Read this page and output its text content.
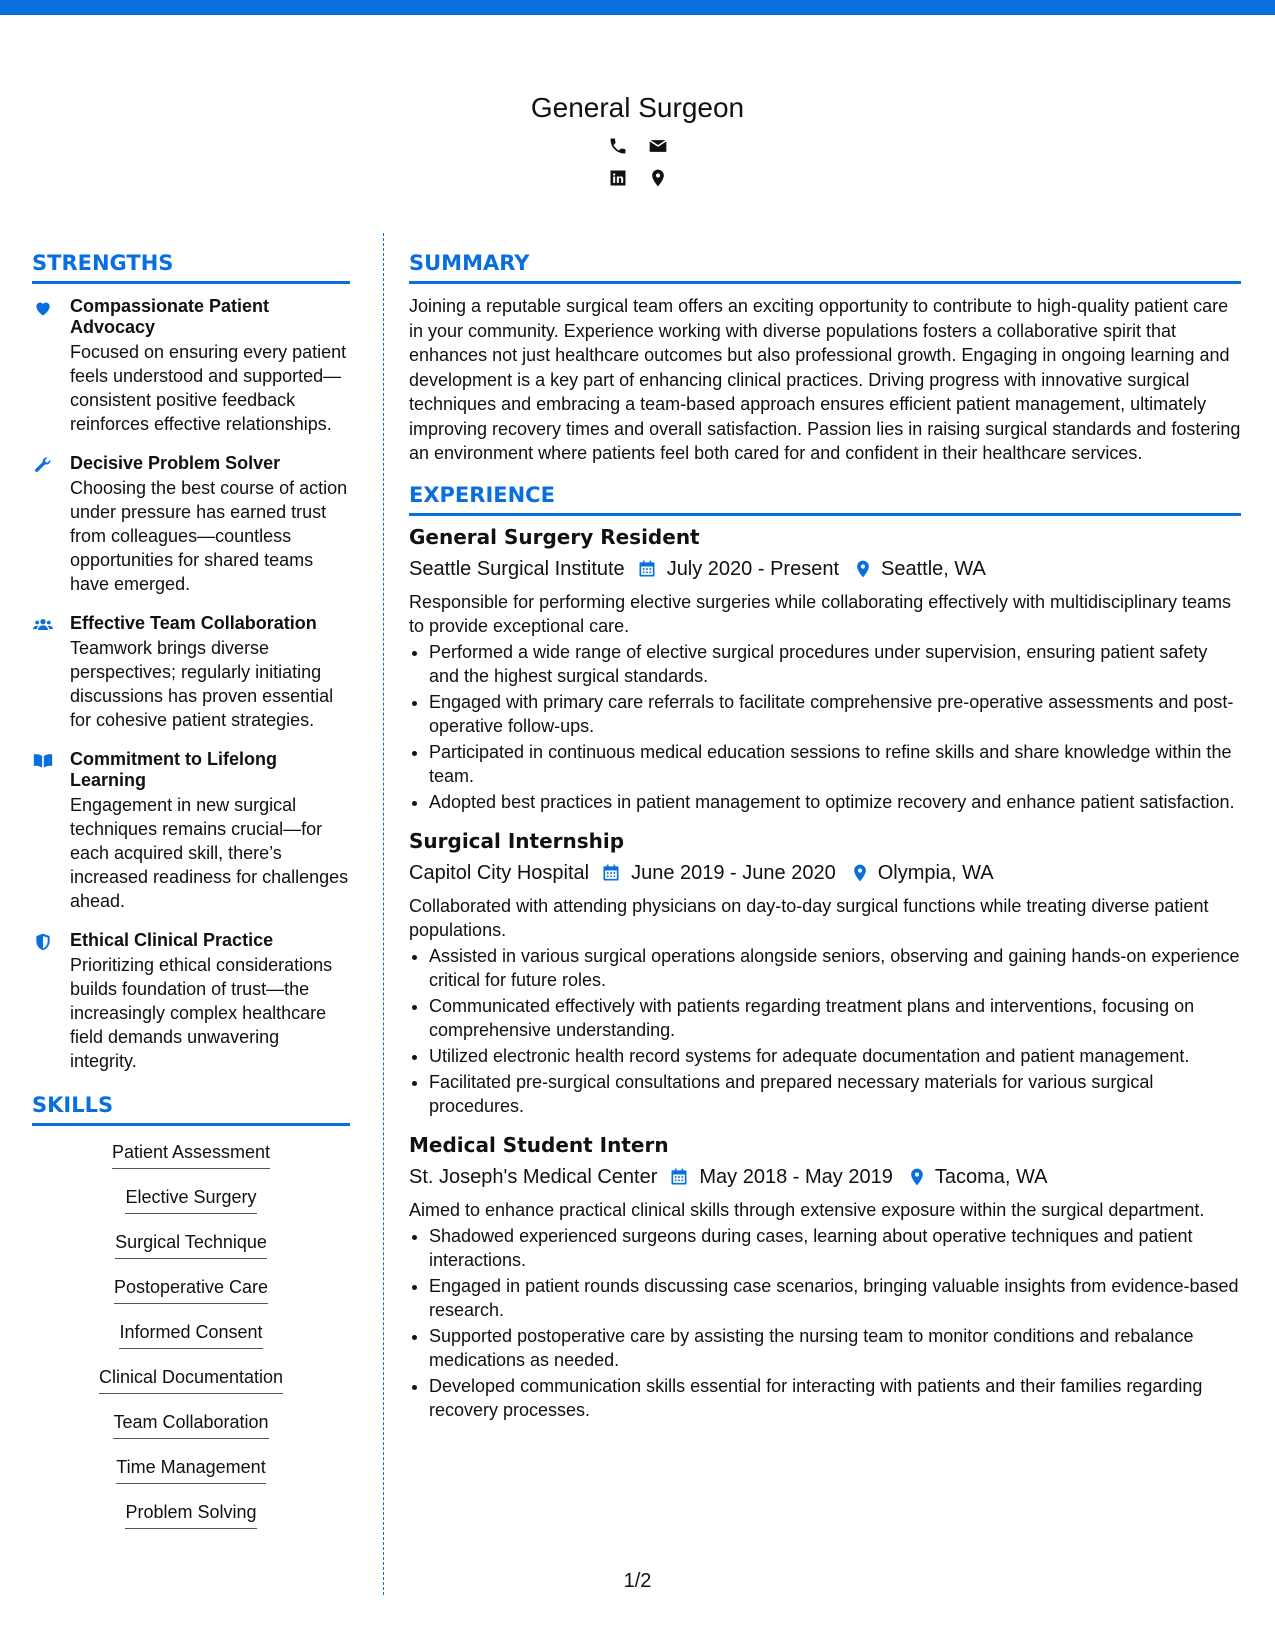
General Surgeon
STRENGTHS
Compassionate Patient Advocacy
Focused on ensuring every patient feels understood and supported—consistent positive feedback reinforces effective relationships.
Decisive Problem Solver
Choosing the best course of action under pressure has earned trust from colleagues—countless opportunities for shared teams have emerged.
Effective Team Collaboration
Teamwork brings diverse perspectives; regularly initiating discussions has proven essential for cohesive patient strategies.
Commitment to Lifelong Learning
Engagement in new surgical techniques remains crucial—for each acquired skill, there’s increased readiness for challenges ahead.
Ethical Clinical Practice
Prioritizing ethical considerations builds foundation of trust—the increasingly complex healthcare field demands unwavering integrity.
SKILLS
Patient Assessment
Elective Surgery
Surgical Technique
Postoperative Care
Informed Consent
Clinical Documentation
Team Collaboration
Time Management
Problem Solving
SUMMARY
Joining a reputable surgical team offers an exciting opportunity to contribute to high-quality patient care in your community. Experience working with diverse populations fosters a collaborative spirit that enhances not just healthcare outcomes but also professional growth. Engaging in ongoing learning and development is a key part of enhancing clinical practices. Driving progress with innovative surgical techniques and embracing a team-based approach ensures efficient patient management, ultimately improving recovery times and overall satisfaction. Passion lies in raising surgical standards and fostering an environment where patients feel both cared for and confident in their healthcare services.
EXPERIENCE
General Surgery Resident
Seattle Surgical Institute July 2020 - Present Seattle, WA
Responsible for performing elective surgeries while collaborating effectively with multidisciplinary teams to provide exceptional care.
• Performed a wide range of elective surgical procedures under supervision, ensuring patient safety and the highest surgical standards.
• Engaged with primary care referrals to facilitate comprehensive pre-operative assessments and post-operative follow-ups.
• Participated in continuous medical education sessions to refine skills and share knowledge within the team.
• Adopted best practices in patient management to optimize recovery and enhance patient satisfaction.
Surgical Internship
Capitol City Hospital June 2019 - June 2020 Olympia, WA
Collaborated with attending physicians on day-to-day surgical functions while treating diverse patient populations.
• Assisted in various surgical operations alongside seniors, observing and gaining hands-on experience critical for future roles.
• Communicated effectively with patients regarding treatment plans and interventions, focusing on comprehensive understanding.
• Utilized electronic health record systems for adequate documentation and patient management.
• Facilitated pre-surgical consultations and prepared necessary materials for various surgical procedures.
Medical Student Intern
St. Joseph's Medical Center May 2018 - May 2019 Tacoma, WA
Aimed to enhance practical clinical skills through extensive exposure within the surgical department.
• Shadowed experienced surgeons during cases, learning about operative techniques and patient interactions.
• Engaged in patient rounds discussing case scenarios, bringing valuable insights from evidence-based research.
• Supported postoperative care by assisting the nursing team to monitor conditions and rebalance medications as needed.
• Developed communication skills essential for interacting with patients and their families regarding recovery processes.
1/2
